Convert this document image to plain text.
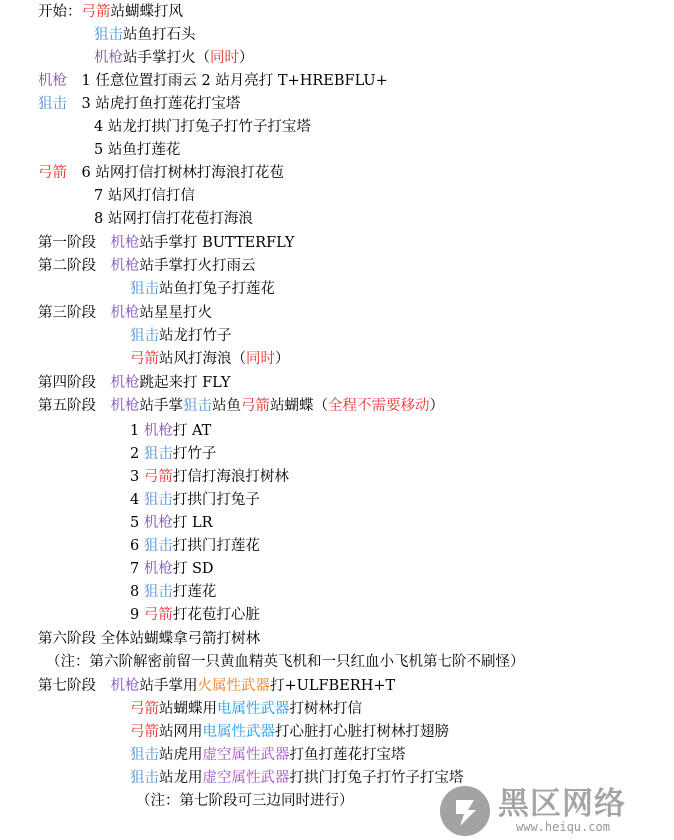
开始：弓箭站蝴蝶打风
狙击站鱼打石头
机枪站手掌打火（同时）
机枪　1 任意位置打雨云 2 站月亮打 T+HREBFLU+
狙击　3 站虎打鱼打莲花打宝塔
4 站龙打拱门打兔子打竹子打宝塔
5 站鱼打莲花
弓箭　6 站网打信打树林打海浪打花苞
7 站风打信打信
8 站网打信打花苞打海浪
第一阶段　机枪站手掌打 BUTTERFLY
第二阶段　机枪站手掌打火打雨云
狙击站鱼打兔子打莲花
第三阶段　机枪站星星打火
狙击站龙打竹子
弓箭站风打海浪（同时）
第四阶段　机枪跳起来打 FLY
第五阶段　机枪站手掌狙击站鱼弓箭站蝴蝶（全程不需要移动）
1 机枪打 AT
2 狙击打竹子
3 弓箭打信打海浪打树林
4 狙击打拱门打兔子
5 机枪打 LR
6 狙击打拱门打莲花
7 机枪打 SD
8 狙击打莲花
9 弓箭打花苞打心脏
第六阶段 全体站蝴蝶拿弓箭打树林
（注：第六阶解密前留一只黄血精英飞机和一只红血小飞机第七阶不刷怪）
第七阶段　机枪站手掌用火属性武器打+ULFBERH+T
弓箭站蝴蝶用电属性武器打树林打信
弓箭站网用电属性武器打心脏打心脏打树林打翅膀
狙击站虎用虚空属性武器打鱼打莲花打宝塔
狙击站龙用虚空属性武器打拱门打兔子打竹子打宝塔
（注：第七阶段可三边同时进行）	黑区网络
www.heiqu.com
